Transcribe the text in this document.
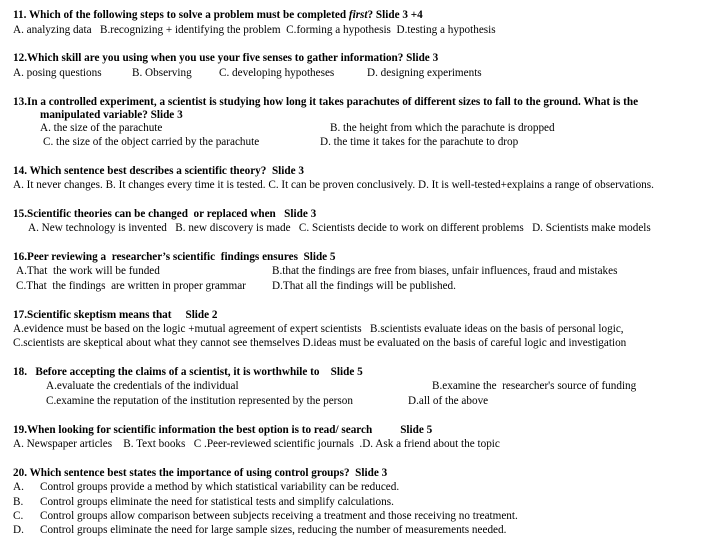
11. Which of the following steps to solve a problem must be completed first? Slide 3 +4
A. analyzing data   B.recognizing + identifying the problem  C.forming a hypothesis  D.testing a hypothesis
12.Which skill are you using when you use your five senses to gather information? Slide 3
A. posing questions	B. Observing C. developing hypotheses	D. designing experiments
13.In a controlled experiment, a scientist is studying how long it takes parachutes of different sizes to fall to the ground. What is the
manipulated variable? Slide 3
A. the size of the parachute	B. the height from which the parachute is dropped
C. the size of the object carried by the parachute	D. the time it takes for the parachute to drop
14. Which sentence best describes a scientific theory?  Slide 3
A. It never changes. B. It changes every time it is tested. C. It can be proven conclusively. D. It is well-tested+explains a range of observations.
15.Scientific theories can be changed  or replaced when   Slide 3
A. New technology is invented   B. new discovery is made   C. Scientists decide to work on different problems   D. Scientists make models
16.Peer reviewing a  researcher’s scientific  findings ensures  Slide 5
A.That  the work will be funded	B.that the findings are free from biases, unfair influences, fraud and mistakes
C.That  the findings  are written in proper grammar D.That all the findings will be published.
17.Scientific skeptism means that     Slide 2
A.evidence must be based on the logic +mutual agreement of expert scientists   B.scientists evaluate ideas on the basis of personal logic,
C.scientists are skeptical about what they cannot see themselves D.ideas must be evaluated on the basis of careful logic and investigation
18. Before accepting the claims of a scientist, it is worthwhile to    Slide 5
A.evaluate the credentials of the individual	B.examine the  researcher's source of funding
C.examine the reputation of the institution represented by the person	D.all of the above
19.When looking for scientific information the best option is to read/ search          Slide 5
A. Newspaper articles    B. Text books   C .Peer-reviewed scientific journals  .D. Ask a friend about the topic
20. Which sentence best states the importance of using control groups?  Slide 3
A. Control groups provide a method by which statistical variability can be reduced.
B. Control groups eliminate the need for statistical tests and simplify calculations.
C. Control groups allow comparison between subjects receiving a treatment and those receiving no treatment.
D. Control groups eliminate the need for large sample sizes, reducing the number of measurements needed.
